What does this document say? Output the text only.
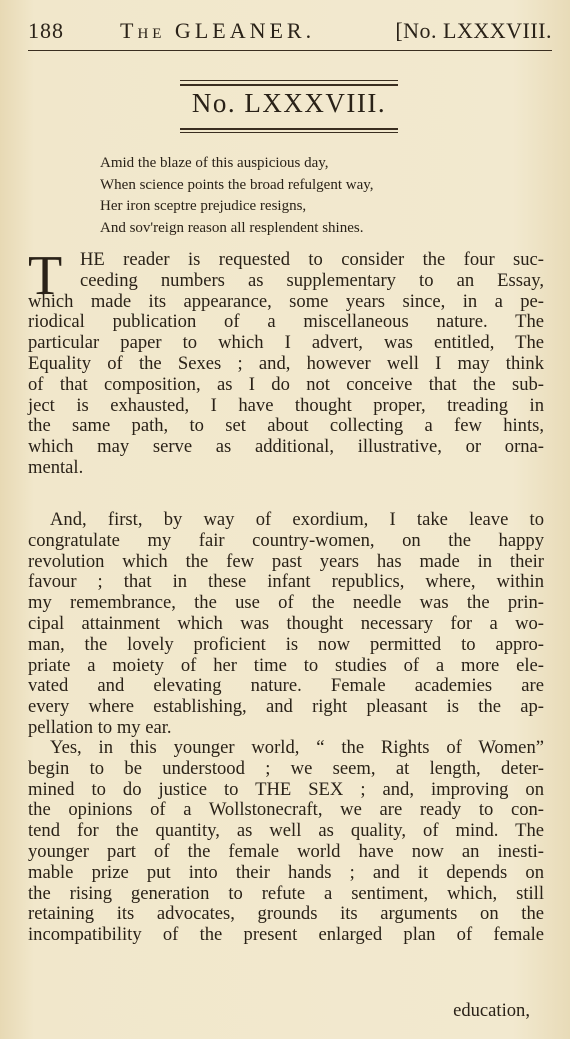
188	The GLEANER.	[No. LXXXVIII.
No. LXXXVIII.
Amid the blaze of this auspicious day,
When science points the broad refulgent way,
Her iron sceptre prejudice resigns,
And sov'reign reason all resplendent shines.
T HE reader is requested to consider the four suc-
ceeding numbers as supplementary to an Essay,
which made its appearance, some years since, in a pe-
riodical publication of a miscellaneous nature. The
particular paper to which I advert, was entitled, The
Equality of the Sexes ; and, however well I may think
of that composition, as I do not conceive that the sub-
ject is exhausted, I have thought proper, treading in
the same path, to set about collecting a few hints,
which may serve as additional, illustrative, or orna-
mental.
And, first, by way of exordium, I take leave to
congratulate my fair country-women, on the happy
revolution which the few past years has made in their
favour ; that in these infant republics, where, within
my remembrance, the use of the needle was the prin-
cipal attainment which was thought necessary for a wo-
man, the lovely proficient is now permitted to appro-
priate a moiety of her time to studies of a more ele-
vated and elevating nature. Female academies are
every where establishing, and right pleasant is the ap-
pellation to my ear.
Yes, in this younger world, “ the Rights of Women”
begin to be understood ; we seem, at length, deter-
mined to do justice to THE SEX ; and, improving on
the opinions of a Wollstonecraft, we are ready to con-
tend for the quantity, as well as quality, of mind. The
younger part of the female world have now an inesti-
mable prize put into their hands ; and it depends on
the rising generation to refute a sentiment, which, still
retaining its advocates, grounds its arguments on the
incompatibility of the present enlarged plan of female
education,
